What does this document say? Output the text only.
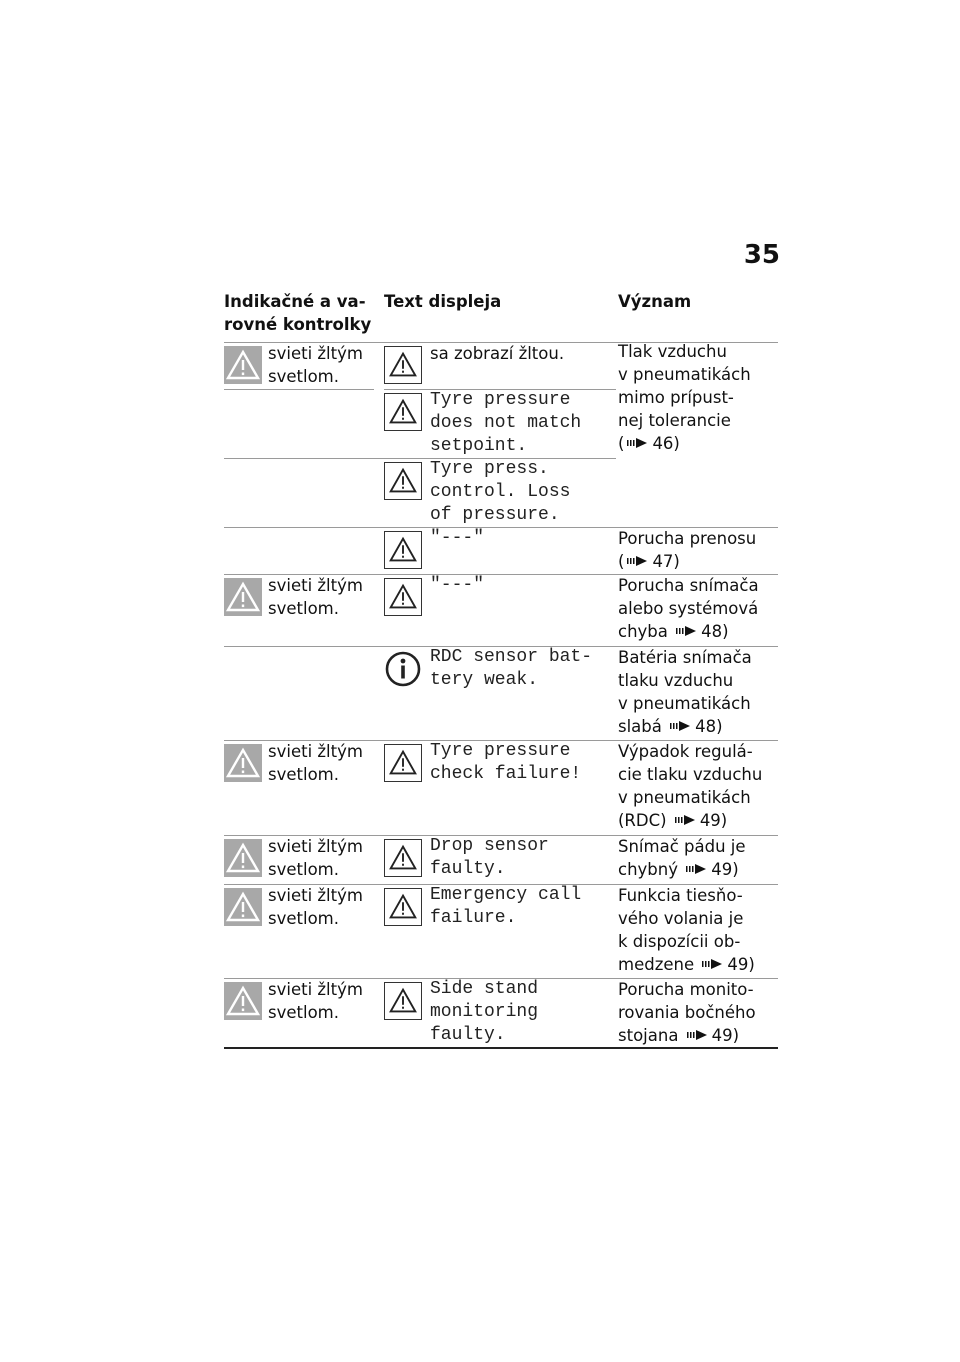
35
Indikačné a va-
rovné kontrolky
Text displeja	Význam
svieti žltým
svetlom.
svieti žltým
svetlom.
svieti žltým
svetlom.
svieti žltým
svetlom.
svieti žltým
svetlom.
svieti žltým
svetlom.
sa zobrazí žltou.
Tyre pressure
does not match
setpoint.
Tyre press.
control. Loss
of pressure.
"---"
"---"
RDC sensor bat-
tery weak.
Tyre pressure
check failure!
Drop sensor
faulty.
Emergency call
failure.
Side stand
monitoring
faulty.
Tlak vzduchu
v pneumatikách
mimo prípust-
nej tolerancie
( 46)
Porucha prenosu
( 47)
Porucha snímača
alebo systémová
chyba 48)
Batéria snímača
tlaku vzduchu
v pneumatikách
slabá 48)
Výpadok regulá-
cie tlaku vzduchu
v pneumatikách
(RDC) 49)
Snímač pádu je
chybný 49)
Funkcia tiesňo-
vého volania je
k dispozícii ob-
medzene 49)
Porucha monito-
rovania bočného
stojana 49)
